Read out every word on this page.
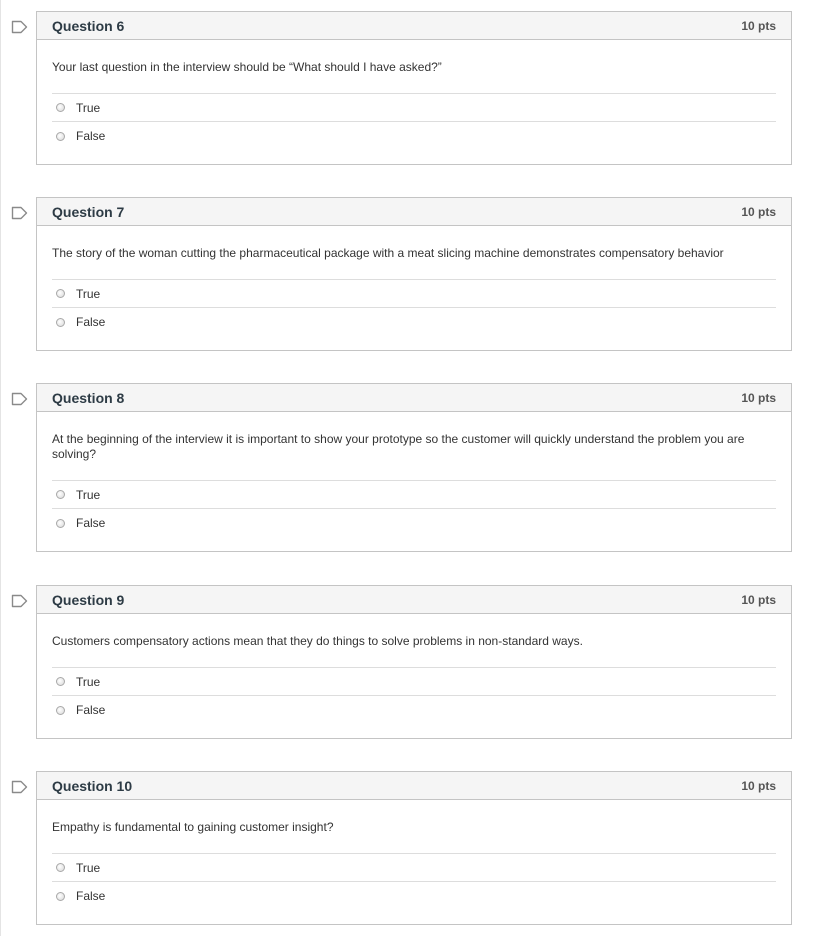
Question 6	10 pts
Your last question in the interview should be “What should I have asked?”
True
False
Question 7	10 pts
The story of the woman cutting the pharmaceutical package with a meat slicing machine demonstrates compensatory behavior
True
False
Question 8	10 pts
At the beginning of the interview it is important to show your prototype so the customer will quickly understand the problem you are solving?
True
False
Question 9	10 pts
Customers compensatory actions mean that they do things to solve problems in non-standard ways.
True
False
Question 10	10 pts
Empathy is fundamental to gaining customer insight?
True
False
